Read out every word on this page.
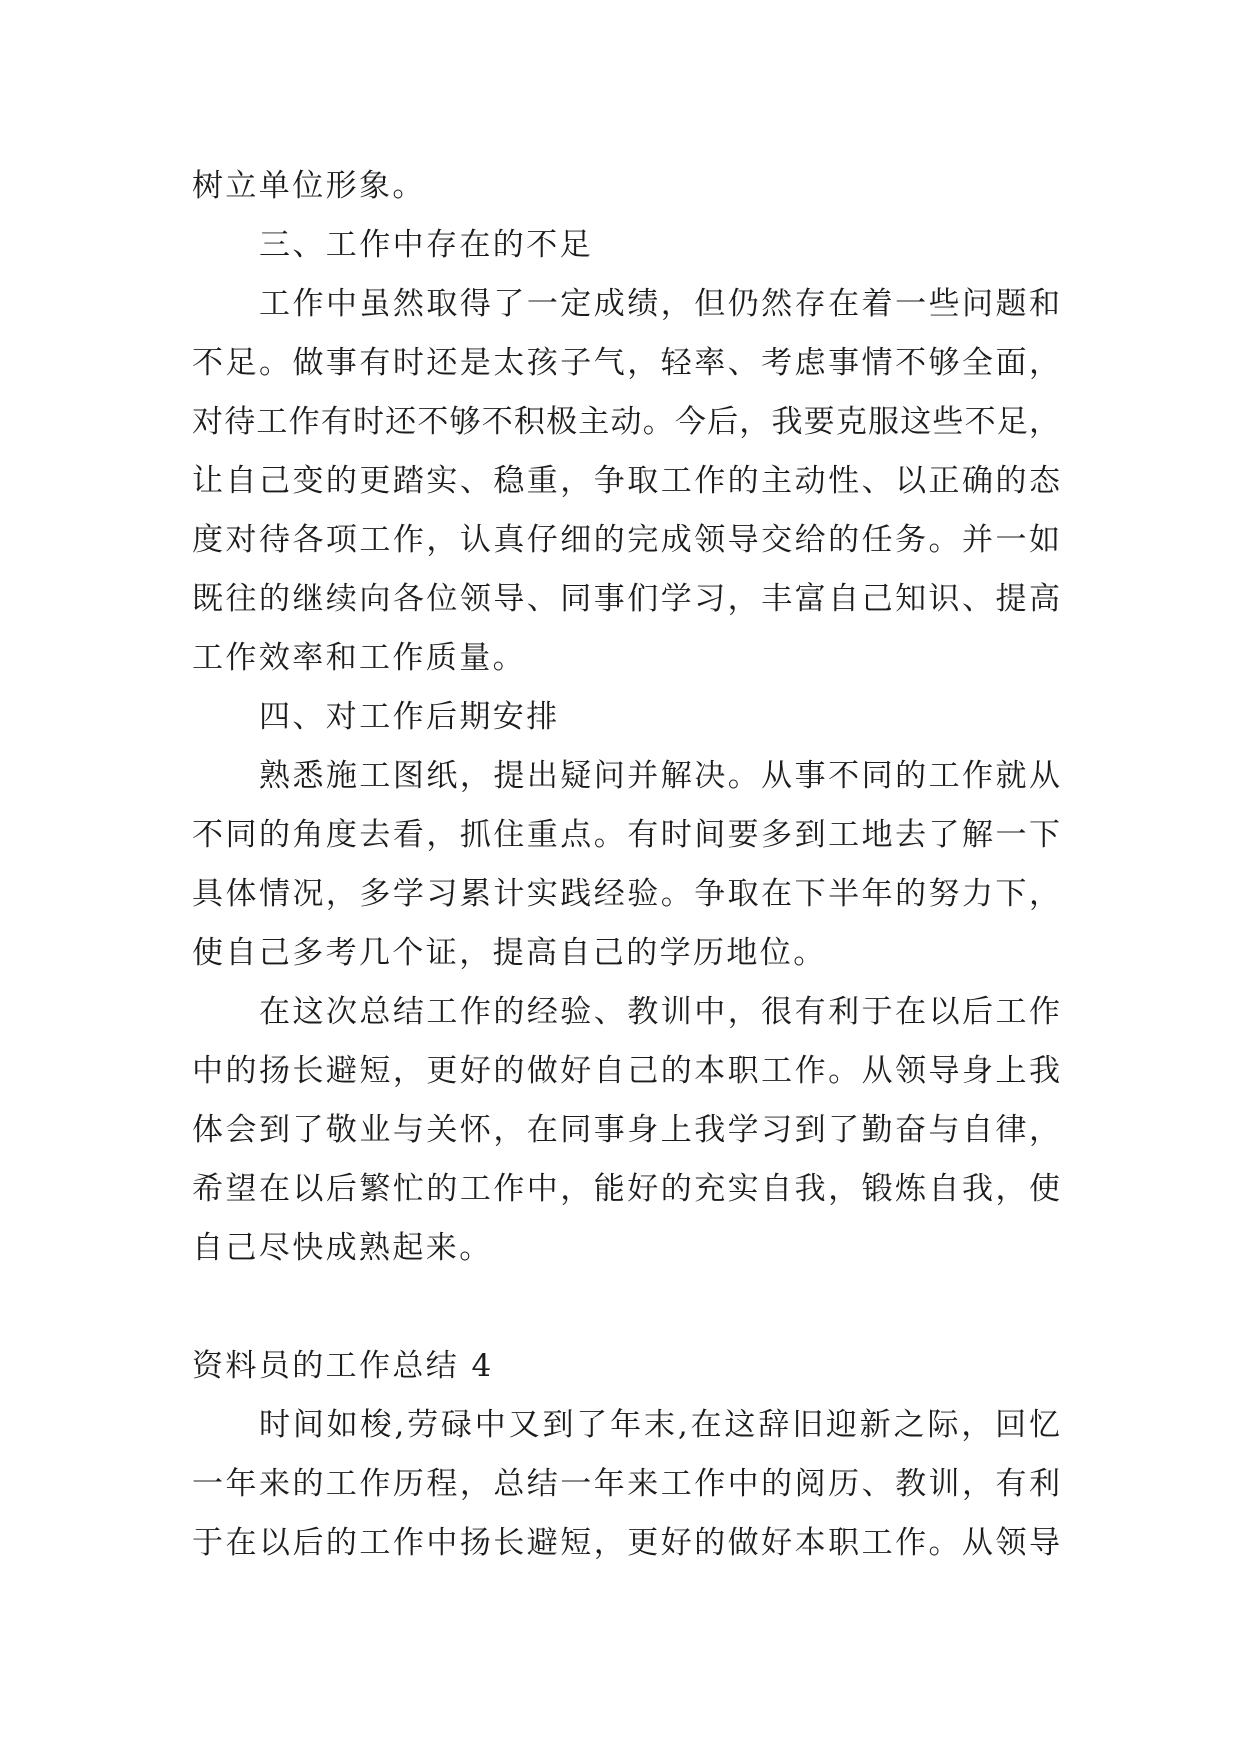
树立单位形象。
三、工作中存在的不足
工作中虽然取得了一定成绩，但仍然存在着一些问题和
不足。做事有时还是太孩子气，轻率、考虑事情不够全面，
对待工作有时还不够不积极主动。今后，我要克服这些不足，
让自己变的更踏实、稳重，争取工作的主动性、以正确的态
度对待各项工作，认真仔细的完成领导交给的任务。并一如
既往的继续向各位领导、同事们学习，丰富自己知识、提高
工作效率和工作质量。
四、对工作后期安排
熟悉施工图纸，提出疑问并解决。从事不同的工作就从
不同的角度去看，抓住重点。有时间要多到工地去了解一下
具体情况，多学习累计实践经验。争取在下半年的努力下，
使自己多考几个证，提高自己的学历地位。
在这次总结工作的经验、教训中，很有利于在以后工作
中的扬长避短，更好的做好自己的本职工作。从领导身上我
体会到了敬业与关怀，在同事身上我学习到了勤奋与自律，
希望在以后繁忙的工作中，能好的充实自我，锻炼自我，使
自己尽快成熟起来。
资料员的工作总结 4
时间如梭,劳碌中又到了年末,在这辞旧迎新之际，回忆
一年来的工作历程，总结一年来工作中的阅历、教训，有利
于在以后的工作中扬长避短，更好的做好本职工作。从领导
